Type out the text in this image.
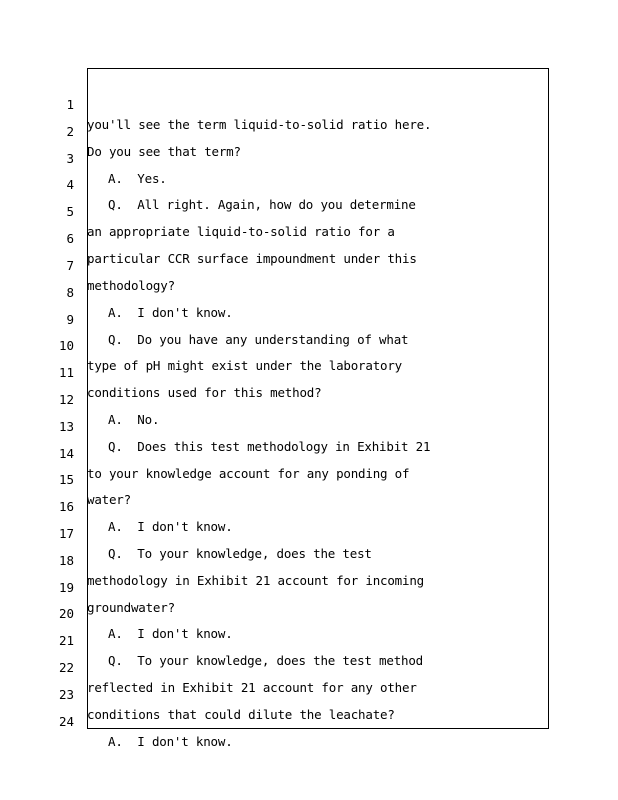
1

you'll see the term liquid-to-solid ratio here.

2

Do you see that term?

3

A.  Yes.

4

Q.  All right. Again, how do you determine

5

an appropriate liquid-to-solid ratio for a

6

particular CCR surface impoundment under this

7

methodology?

8

A.  I don't know.

9

Q.  Do you have any understanding of what

10

type of pH might exist under the laboratory

11

conditions used for this method?

12

A.  No.

13

Q.  Does this test methodology in Exhibit 21

14

to your knowledge account for any ponding of

15

water?

16

A.  I don't know.

17

Q.  To your knowledge, does the test

18

methodology in Exhibit 21 account for incoming

19

groundwater?

20

A.  I don't know.

21

Q.  To your knowledge, does the test method

22

reflected in Exhibit 21 account for any other

23

conditions that could dilute the leachate?

24

A.  I don't know.
